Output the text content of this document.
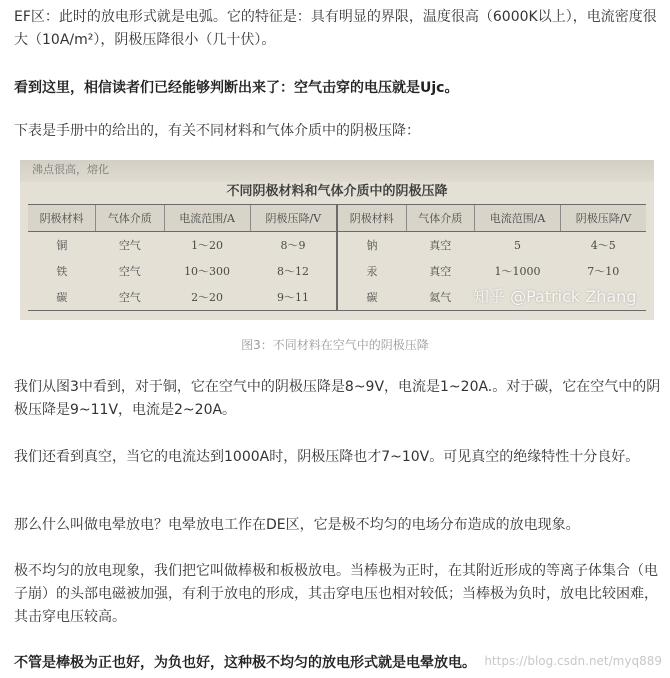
EF区：此时的放电形式就是电弧。它的特征是：具有明显的界限，温度很高（6000K以上），电流密度很大（10A/m²），阴极压降很小（几十伏）。

看到这里，相信读者们已经能够判断出来了：空气击穿的电压就是Ujc。

下表是手册中的给出的，有关不同材料和气体介质中的阴极压降：

沸点很高，熔化
不同阴极材料和气体介质中的阴极压降
阴极材料	气体介质	电流范围/A	阴极压降/V	阴极材料	气体介质	电流范围/A	阴极压降/V
铜	空气	1～20	8～9	钠	真空	5	4～5
铁	空气	10～300	8～12	汞	真空	1～1000	7～10
碳	空气	2～20	9～11	碳	氦气		知乎 @Patrick Zhang
图3：不同材料在空气中的阴极压降

我们从图3中看到，对于铜，它在空气中的阴极压降是8~9V，电流是1~20A.。对于碳，它在空气中的阴极压降是9~11V，电流是2~20A。

我们还看到真空，当它的电流达到1000A时，阴极压降也才7~10V。可见真空的绝缘特性十分良好。

那么什么叫做电晕放电？电晕放电工作在DE区，它是极不均匀的电场分布造成的放电现象。

极不均匀的放电现象，我们把它叫做棒极和板极放电。当棒极为正时，在其附近形成的等离子体集合（电子崩）的头部电磁被加强，有利于放电的形成，其击穿电压也相对较低；当棒极为负时，放电比较困难，其击穿电压较高。

不管是棒极为正也好，为负也好，这种极不均匀的放电形式就是电晕放电。 https://blog.csdn.net/myq889
